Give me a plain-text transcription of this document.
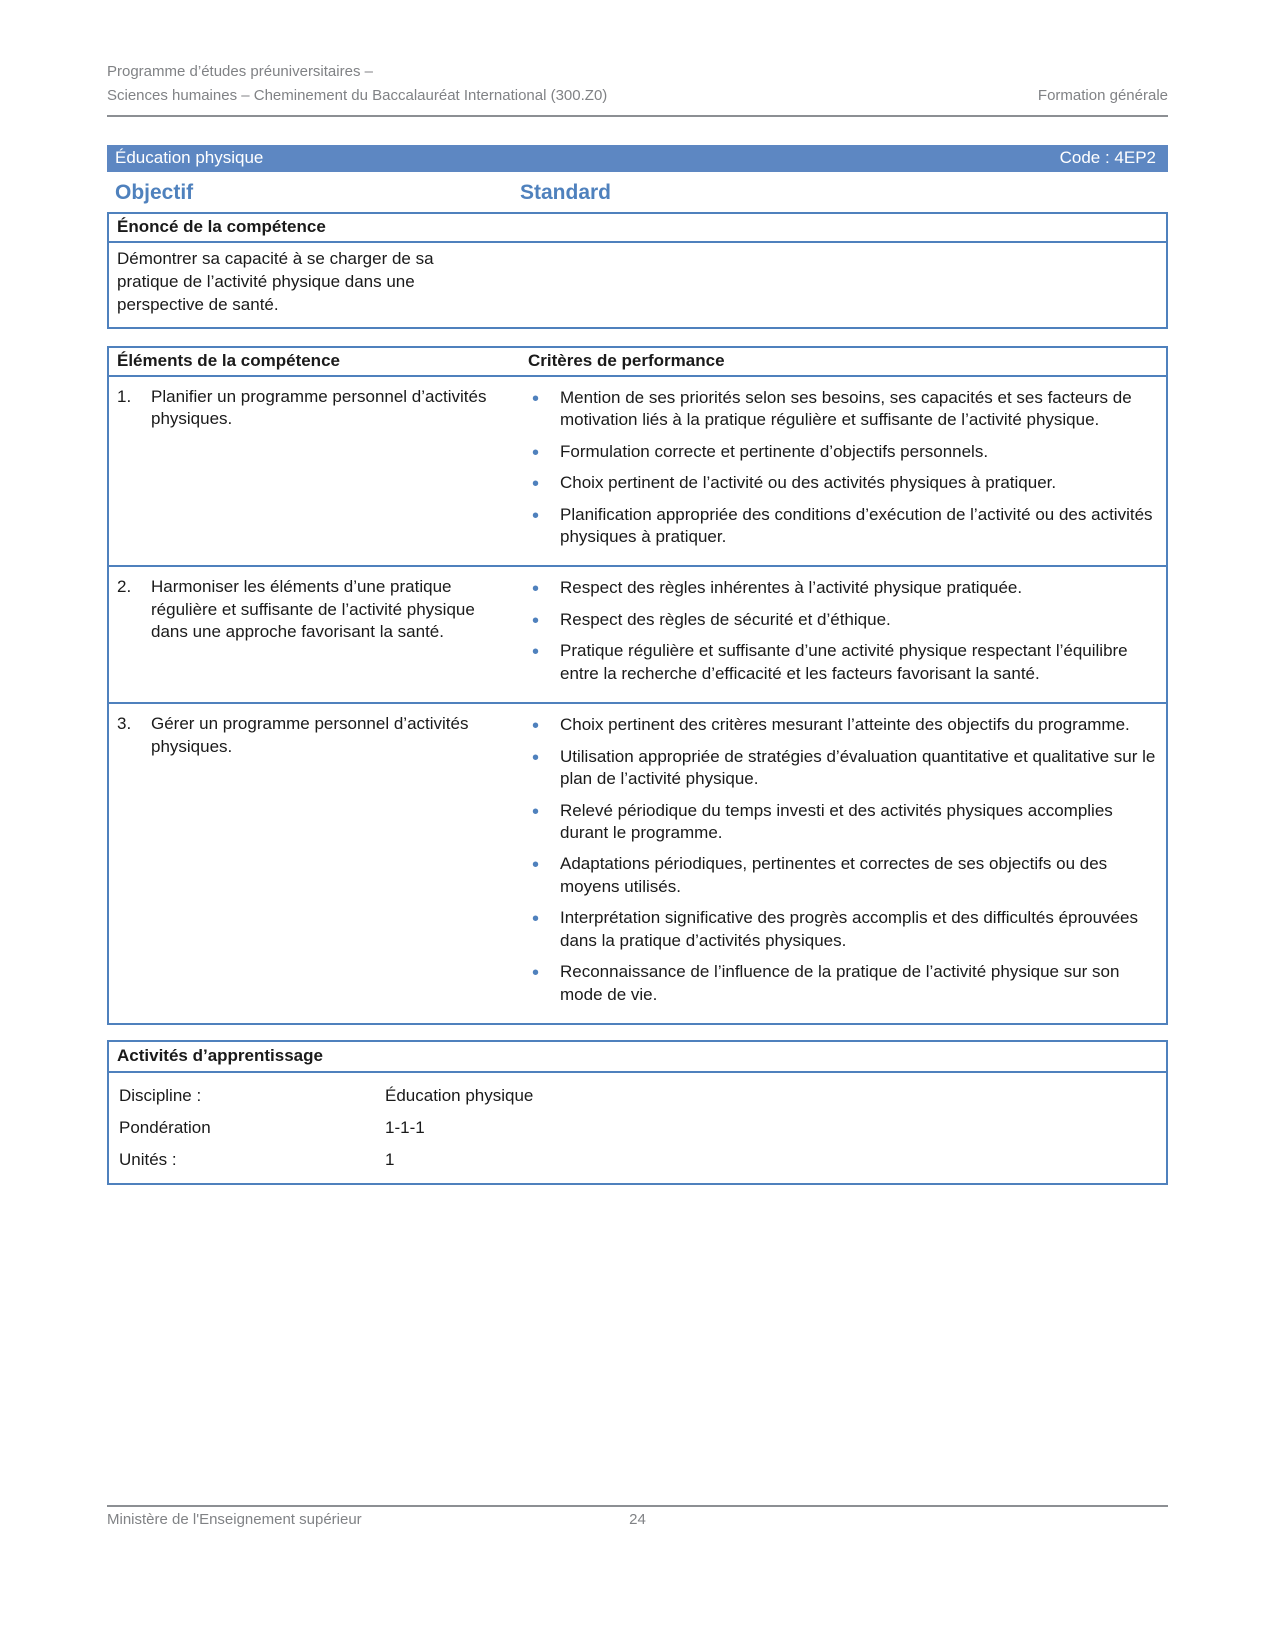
Programme d’études préuniversitaires –
Sciences humaines – Cheminement du Baccalauréat International (300.Z0)	Formation générale
Éducation physique	Code : 4EP2
Objectif	Standard
Énoncé de la compétence
Démontrer sa capacité à se charger de sa pratique de l’activité physique dans une perspective de santé.
Éléments de la compétence	Critères de performance
1.	Planifier un programme personnel d’activités physiques.
• Mention de ses priorités selon ses besoins, ses capacités et ses facteurs de motivation liés à la pratique régulière et suffisante de l’activité physique.
• Formulation correcte et pertinente d’objectifs personnels.
• Choix pertinent de l’activité ou des activités physiques à pratiquer.
• Planification appropriée des conditions d’exécution de l’activité ou des activités physiques à pratiquer.
2.	Harmoniser les éléments d’une pratique régulière et suffisante de l’activité physique dans une approche favorisant la santé.
• Respect des règles inhérentes à l’activité physique pratiquée.
• Respect des règles de sécurité et d’éthique.
• Pratique régulière et suffisante d’une activité physique respectant l’équilibre entre la recherche d’efficacité et les facteurs favorisant la santé.
3.	Gérer un programme personnel d’activités physiques.
• Choix pertinent des critères mesurant l’atteinte des objectifs du programme.
• Utilisation appropriée de stratégies d’évaluation quantitative et qualitative sur le plan de l’activité physique.
• Relevé périodique du temps investi et des activités physiques accomplies durant le programme.
• Adaptations périodiques, pertinentes et correctes de ses objectifs ou des moyens utilisés.
• Interprétation significative des progrès accomplis et des difficultés éprouvées dans la pratique d’activités physiques.
• Reconnaissance de l’influence de la pratique de l’activité physique sur son mode de vie.
Activités d’apprentissage
Discipline :	Éducation physique
Pondération	1-1-1
Unités :	1
Ministère de l'Enseignement supérieur	24
